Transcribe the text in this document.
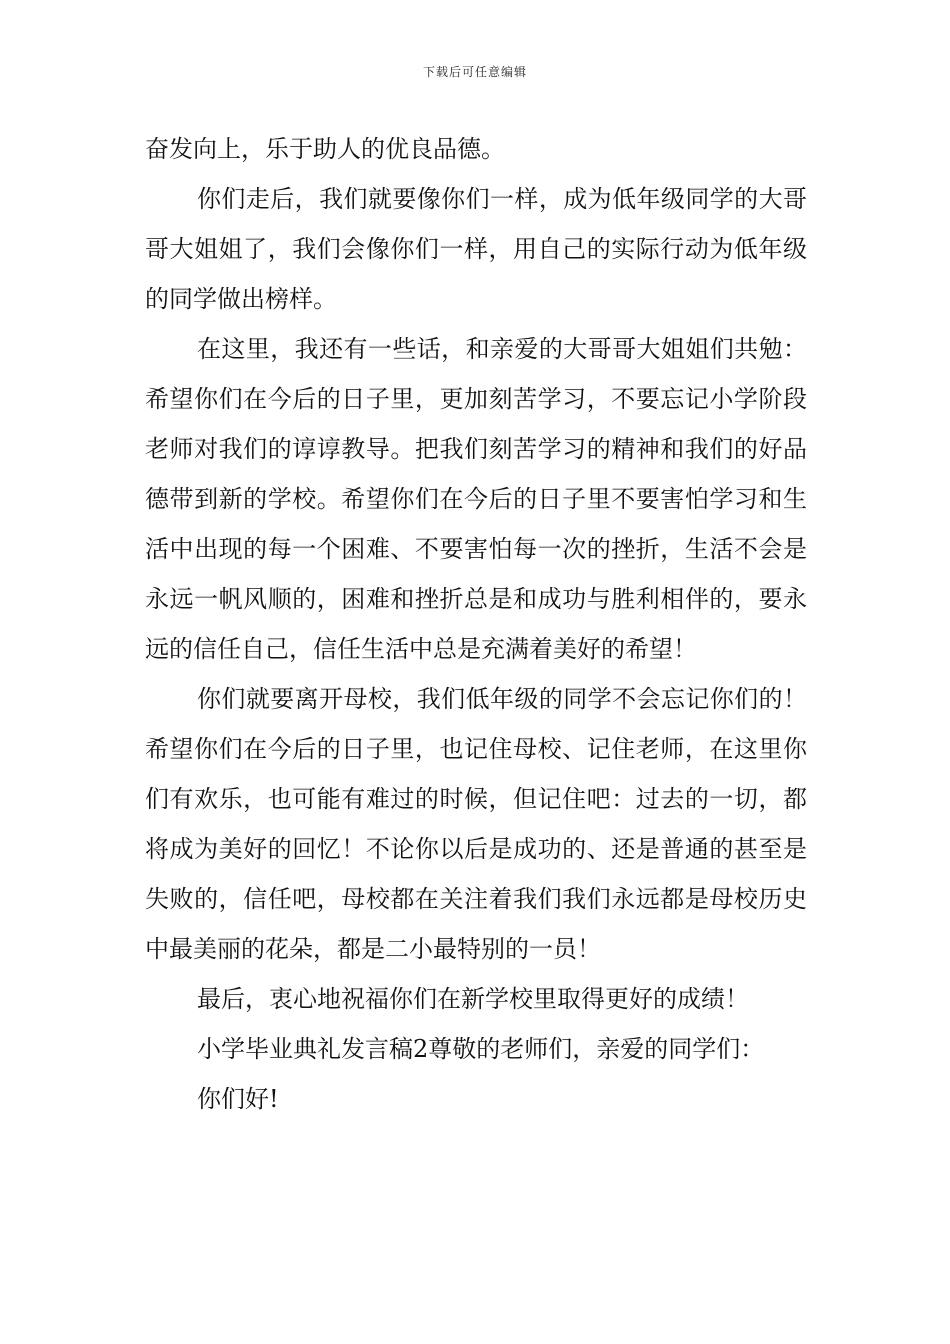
下载后可任意编辑

奋发向上，乐于助人的优良品德。

你们走后，我们就要像你们一样，成为低年级同学的大哥哥大姐姐了，我们会像你们一样，用自己的实际行动为低年级的同学做出榜样。

在这里，我还有一些话，和亲爱的大哥哥大姐姐们共勉：希望你们在今后的日子里，更加刻苦学习，不要忘记小学阶段老师对我们的谆谆教导。把我们刻苦学习的精神和我们的好品德带到新的学校。希望你们在今后的日子里不要害怕学习和生活中出现的每一个困难、不要害怕每一次的挫折，生活不会是永远一帆风顺的，困难和挫折总是和成功与胜利相伴的，要永远的信任自己，信任生活中总是充满着美好的希望！

你们就要离开母校，我们低年级的同学不会忘记你们的！希望你们在今后的日子里，也记住母校、记住老师，在这里你们有欢乐，也可能有难过的时候，但记住吧：过去的一切，都将成为美好的回忆！不论你以后是成功的、还是普通的甚至是失败的，信任吧，母校都在关注着我们我们永远都是母校历史中最美丽的花朵，都是二小最特别的一员！

最后，衷心地祝福你们在新学校里取得更好的成绩！

小学毕业典礼发言稿2尊敬的老师们，亲爱的同学们：

你们好!
